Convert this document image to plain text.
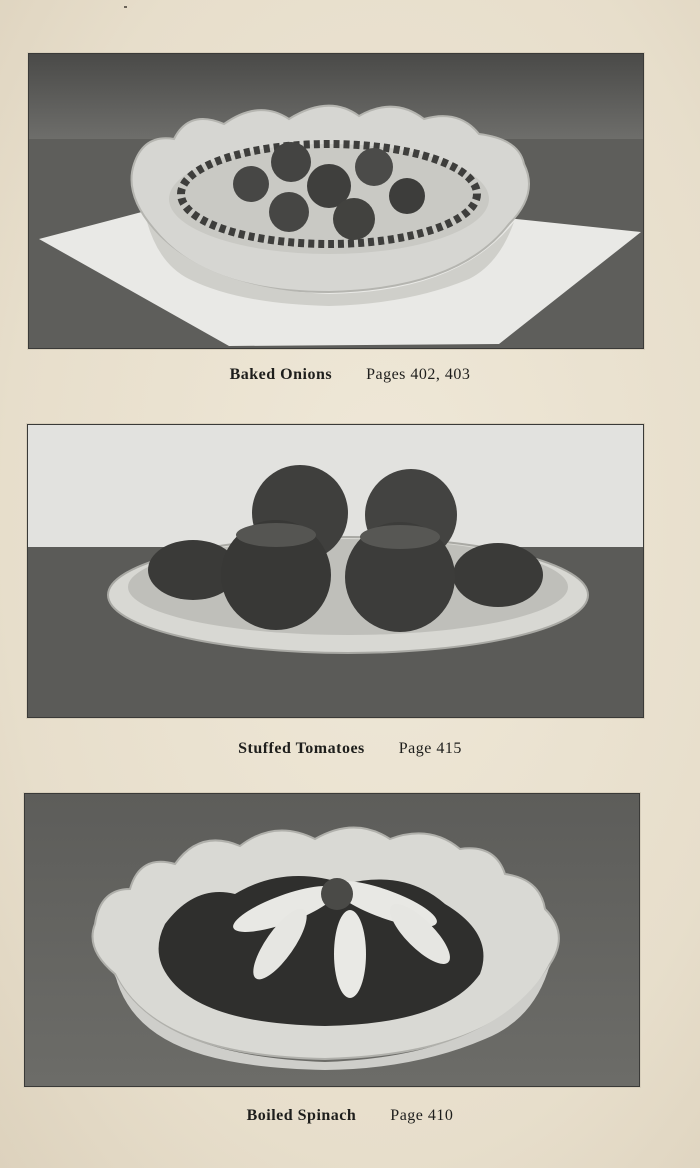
Baked Onions Pages 402, 403
Stuffed Tomatoes Page 415
Boiled Spinach Page 410
